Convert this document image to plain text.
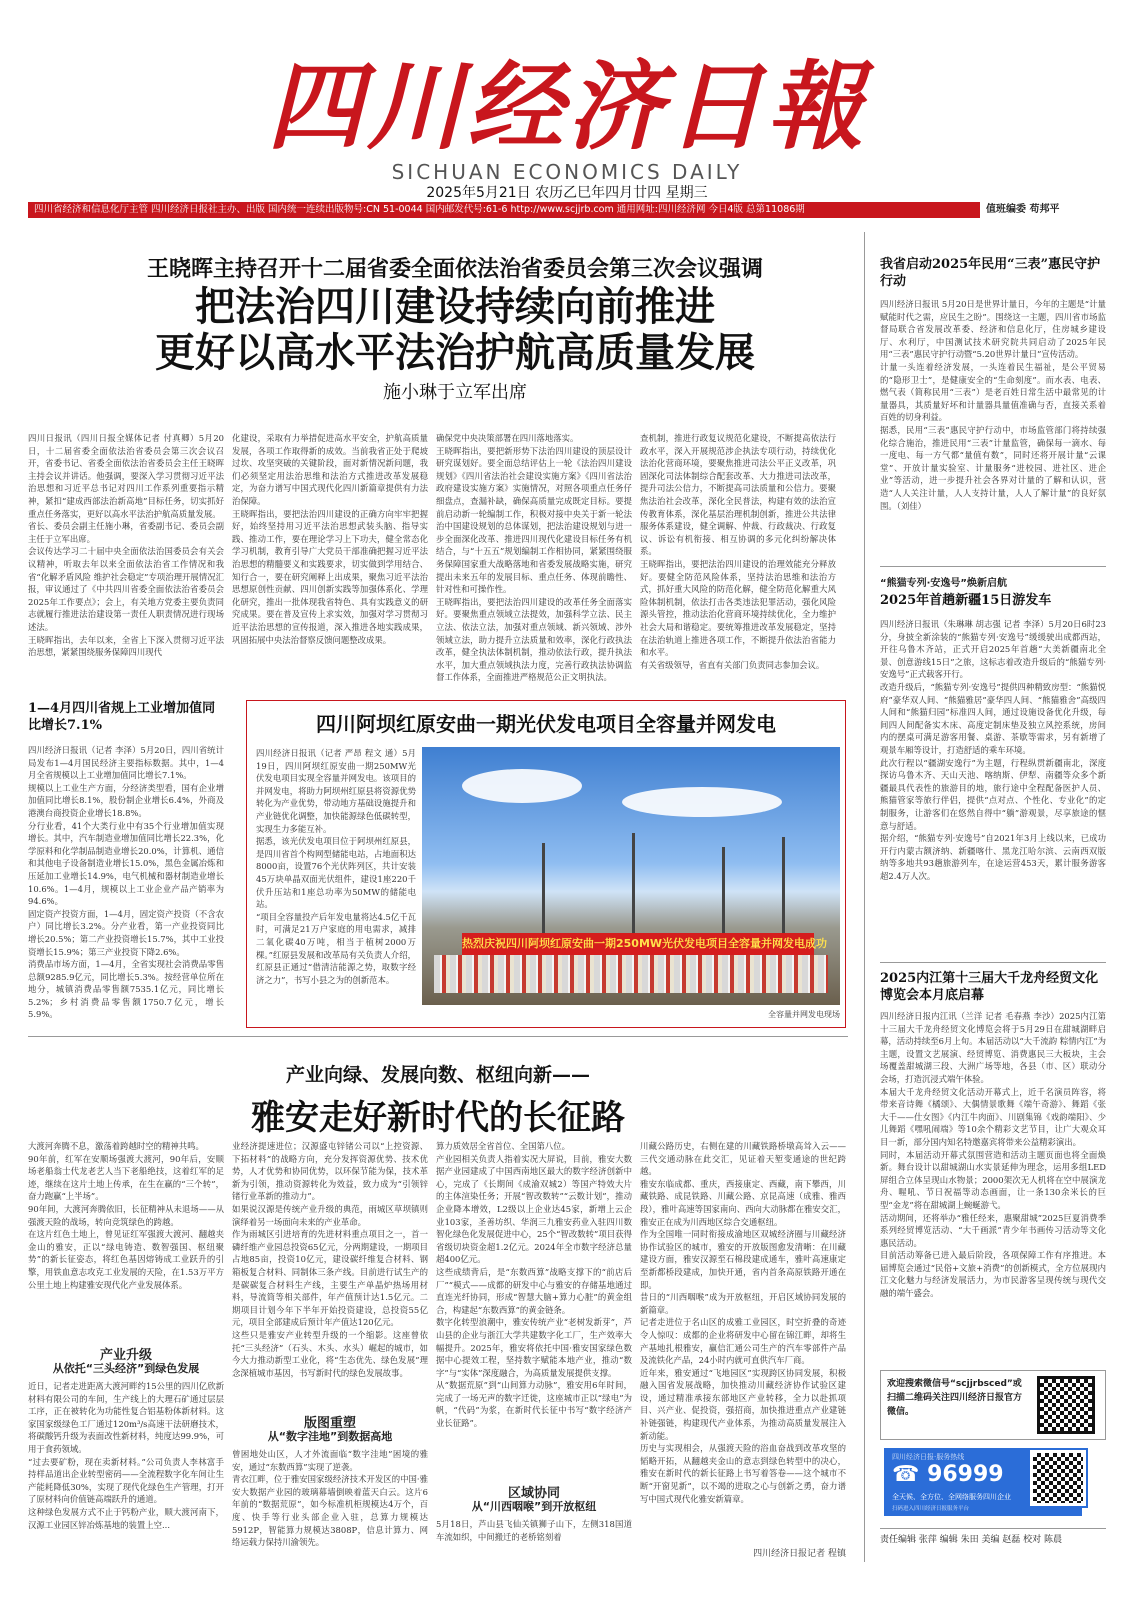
四川经济日報
SICHUAN ECONOMICS DAILY
2025年5月21日 农历乙巳年四月廿四 星期三
四川省经济和信息化厅主管 四川经济日报社主办、出版 国内统一连续出版物号:CN 51-0044 国内邮发代号:61-6 http://www.scjjrb.com 通用网址:四川经济网 今日4版 总第11086期	值班编委 苟邦平
王晓晖主持召开十二届省委全面依法治省委员会第三次会议强调
把法治四川建设持续向前推进
更好以高水平法治护航高质量发展
施小琳于立军出席
四川日报讯（四川日报全媒体记者 付真卿）5月20日，十二届省委全面依法治省委员会第三次会议召开，省委书记、省委全面依法治省委员会主任王晓晖主持会议并讲话。他强调，要深入学习贯彻习近平法治思想和习近平总书记对四川工作系列重要指示精神，紧扣“建成西部法治新高地”目标任务，切实抓好重点任务落实，更好以高水平法治护航高质量发展。
省长、委员会副主任施小琳，省委副书记、委员会副主任于立军出席。
会议传达学习二十届中央全面依法治国委员会有关会议精神，听取去年以来全面依法治省工作情况和我省“化解矛盾风险 维护社会稳定”专项治理开展情况汇报，审议通过了《中共四川省委全面依法治省委员会2025年工作要点》；会上，有关地方党委主要负责同志就履行推进法治建设第一责任人职责情况进行现场述法。
王晓晖指出，去年以来，全省上下深入贯彻习近平法治思想，紧紧围绕服务保障四川现代
化建设，采取有力举措促进高水平安全，护航高质量发展，各项工作取得新的成效。当前我省正处于爬坡过坎、攻坚突破的关键阶段，面对新情况新问题，我们必须坚定用法治思维和法治方式推进改革发展稳定，为奋力谱写中国式现代化四川新篇章提供有力法治保障。
王晓晖指出，要把法治四川建设的正确方向牢牢把握好，始终坚持用习近平法治思想武装头脑、指导实践、推动工作，要在理论学习上下功夫，健全常态化学习机制，教育引导广大党员干部准确把握习近平法治思想的精髓要义和实践要求，切实做到学用结合、知行合一，要在研究阐释上出成果，聚焦习近平法治思想原创性贡献、四川创新实践等加强体系化、学理化研究，推出一批体现我省特色、具有实践意义的研究成果。要在普及宣传上求实效，加强对学习贯彻习近平法治思想的宣传报道，深入推进各地实践成果，巩固拓展中央法治督察反馈问题整改成果。
确保党中央决策部署在四川落地落实。
王晓晖指出，要把新形势下法治四川建设的顶层设计研究谋划好。要全面总结评估上一轮《法治四川建设规划》《四川省法治社会建设实施方案》《四川省法治政府建设实施方案》实施情况，对照各项重点任务仔细盘点，查漏补缺，确保高质量完成既定目标。要提前启动新一轮编制工作，积极对接中央关于新一轮法治中国建设规划的总体谋划，把法治建设规划与进一步全面深化改革、推进四川现代化建设目标任务有机结合，与“十五五”规划编制工作相协同，紧紧围绕服务保障国家重大战略落地和省委发展战略实施，研究提出未来五年的发展目标、重点任务、体现前瞻性、针对性和可操作性。
王晓晖指出，要把法治四川建设的改革任务全面落实好。要聚焦重点领域立法提效，加强科学立法、民主立法、依法立法，加强对重点领域、新兴领域、涉外领域立法，助力提升立法质量和效率，深化行政执法改革，健全执法体制机制，推动依法行政，提升执法水平，加大重点领域执法力度，完善行政执法协调监督工作体系，全面推进严格规范公正文明执法。
查机制，推进行政复议规范化建设，不断提高依法行政水平，深入开展规范涉企执法专项行动，持续优化法治化营商环境，要聚焦推进司法公平正义改革，巩固深化司法体制综合配套改革、大力推进司法改革，提升司法公信力，不断提高司法质量和公信力。要聚焦法治社会改革，深化全民普法，构建有效的法治宣传教育体系，深化基层治理机制创新，推进公共法律服务体系建设，健全调解、仲裁、行政裁决、行政复议、诉讼有机衔接、相互协调的多元化纠纷解决体系。
王晓晖指出，要把法治四川建设的治理效能充分释放好。要健全防范风险体系，坚持法治思维和法治方式，抓好重大风险的防范化解，健全防范化解重大风险体制机制，依法打击各类违法犯罪活动，强化风险源头管控，推动法治化营商环境持续优化，全力维护社会大局和谐稳定。要统筹推进改革发展稳定，坚持在法治轨道上推进各项工作，不断提升依法治省能力和水平。
有关省级领导，省直有关部门负责同志参加会议。
我省启动2025年民用“三表”惠民守护行动
四川经济日报讯 5月20日是世界计量日，今年的主题是“计量赋能时代之需，应民生之盼”。围绕这一主题，四川省市场监督局联合省发展改革委、经济和信息化厅，住房城乡建设厅、水利厅，中国测试技术研究院共同启动了2025年民用“三表”惠民守护行动暨“5.20世界计量日”宣传活动。
计量一头连着经济发展，一头连着民生福祉，是公平贸易的“隐形卫士”，是健康安全的“生命刻度”。而水表、电表、燃气表（简称民用“三表”）是老百姓日常生活中最常见的计量器具，其质量好坏和计量器具量值准确与否，直接关系着百姓的切身利益。
据悉，民用“三表”惠民守护行动中，市场监管部门将持续强化综合施治，推进民用“三表”计量监管，确保每一滴水、每一度电、每一方气都“量值有数”，同时还将开展计量“云课堂”、开放计量实验室、计量服务“进校园、进社区、进企业”等活动，进一步提升社会各界对计量的了解和认识，营造“人人关注计量，人人支持计量，人人了解计量”的良好氛围。（刘佳）
“熊猫专列·安逸号”焕新启航
2025年首趟新疆15日游发车
四川经济日报讯（朱琳琳 胡志强 记者 李泽）5月20日6时23分，身披全新涂装的“熊猫专列·安逸号”缓缓驶出成都西站，开往乌鲁木齐站，正式开启2025年首趟“大美新疆南北全景、创意游线15日”之旅，这标志着改造升级后的“熊猫专列·安逸号”正式载客开行。
改造升级后，“熊猫专列·安逸号”提供四种精致房型：“熊猫悦府”豪华双人间、“熊猫雅居”豪华四人间、“熊猫雅舍”高级四人间和“熊猫归园”标准四人间，通过设施设备优化升级，每间四人间配备实木床、高度定制床垫及独立风控系统，房间内的摆桌可满足游客用餐、桌游、茶歇等需求，另有新增了观景车厢等设计，打造舒适的乘车环境。
此次行程以“疆湖安逸行”为主题，行程纵贯新疆南北，深度探访乌鲁木齐、天山天池、喀纳斯、伊犁、南疆等众多个新疆最具代表性的旅游目的地，旅行途中全程配备医护人员、熊猫管家等旅行伴侣，提供“点对点、个性化、专业化”的定制服务，让游客们在悠然自得中“躺”游观景，尽享旅途的惬意与舒适。
据介绍，“熊猫专列·安逸号”自2021年3月上线以来，已成功开行内蒙古额济纳、新疆喀什、黑龙江哈尔滨、云南西双版纳等多地共93趟旅游列车，在途运营453天，累计服务游客超2.4万人次。
2025内江第十三届大千龙舟经贸文化博览会本月底启幕
四川经济日报内江讯（兰洋 记者 毛春燕 李沙）2025内江第十三届大千龙舟经贸文化博览会将于5月29日在甜城湖畔启幕，活动持续至6月上旬。本届活动以“大千流韵 粽情内江”为主题，设置文艺展演、经贸博览、消费惠民三大板块，主会场覆盖甜城湖三段、大洲广场等地，各县（市、区）联动分会场，打造沉浸式端午体验。
本届大千龙舟经贸文化活动开幕式上，近千名演员阵容，将带来音诗舞《橘颂》、大偶情景歌舞《端午奇游》、舞蹈《张大千——仕女图》《内江牛肉面》、川剧集锦《戏韵端阳》、少儿舞蹈《嘿吼闹端》等10余个精彩文艺节目，让广大观众耳目一新，部分国内知名特邀嘉宾将带来公益精彩演出。
同时，本届活动开幕式氛围营造和活动主题页面也将全面焕新。舞台设计以甜城湖山水实景延伸为理念，运用多组LED屏组合立体呈现山水物景；2000架次无人机将在空中展演龙舟、喔吼、节日祝福等动态画面，让一条130余米长的巨型“金龙”将在甜城湖上蜿蜒游弋。
活动期间，还将举办“雅任经来，惠聚甜城”2025巨夏消费季系列经贸博览活动、“大千画派”青少年书画传习活动等文化惠民活动。
目前活动筹备已进入最后阶段，各项保障工作有序推进。本届博览会通过“民俗+文旅+消费”的创新模式，全方位展现内江文化魅力与经济发展活力，为市民游客呈现传统与现代交融的端午盛会。
欢迎搜索微信号“scjjrbsced”或扫描二维码关注四川经济日报官方微信。
四川经济日报·服务热线
☎ 96999
全天候、全方位、全网络服务四川企业
扫码进入四川经济日报服务平台
责任编辑 张萍 编辑 朱田 美编 赵磊 校对 陈晨
1—4月四川省规上工业增加值同比增长7.1%
四川经济日报讯（记者 李泽）5月20日，四川省统计局发布1—4月国民经济主要指标数据。其中，1—4月全省规模以上工业增加值同比增长7.1%。
规模以上工业生产方面，分经济类型看，国有企业增加值同比增长8.1%，股份制企业增长6.4%，外商及港澳台商投资企业增长18.8%。
分行业看，41个大类行业中有35个行业增加值实现增长。其中，汽车制造业增加值同比增长22.3%，化学原料和化学制品制造业增长20.0%，计算机、通信和其他电子设备制造业增长15.0%，黑色金属冶炼和压延加工业增长14.9%，电气机械和器材制造业增长10.6%。1—4月，规模以上工业企业产品产销率为94.6%。
固定资产投资方面，1—4月，固定资产投资（不含农户）同比增长3.2%。分产业看，第一产业投资同比增长20.5%；第二产业投资增长15.7%，其中工业投资增长15.9%；第三产业投资下降2.6%。
消费品市场方面，1—4月，全省实现社会消费品零售总额9285.9亿元，同比增长5.3%。按经营单位所在地分，城镇消费品零售额7535.1亿元，同比增长5.2%；乡村消费品零售额1750.7亿元，增长5.9%。
四川阿坝红原安曲一期光伏发电项目全容量并网发电
四川经济日报讯（记者 严昂 程文 通）5月19日，四川阿坝红原安曲一期250MW光伏发电项目实现全容量并网发电。该项目的并网发电，将助力阿坝州红原县将资源优势转化为产业优势，带动地方基础设施提升和产业链优化调整，加快能源绿色低碳转型，实现生力多能互补。
据悉，该光伏发电项目位于阿坝州红原县，是四川省首个构网型储能电站，占地面积达8000亩，设置76个光伏阵列区，共计安装45万块单晶双面光伏组件，建设1座220千伏升压站和1座总功率为50MW的储能电站。
“项目全容量投产后年发电量将达4.5亿千瓦时，可满足21万户家庭的用电需求，减排二氧化碳40万吨，相当于植树2000万棵。”红原县发展和改革局有关负责人介绍，红原县正通过“借清洁能源之势，取数字经济之力”，书写小县之为的创新范本。
热烈庆祝四川阿坝红原安曲一期250MW光伏发电项目全容量并网发电成功
全容量并网发电现场
产业向绿、发展向数、枢纽向新——
雅安走好新时代的长征路
大渡河奔腾不息，激荡着跨越时空的精神共鸣。
90年前，红军在安顺场强渡大渡河，90年后，安顺场老船翁士代龙老艺人当下老船绝技，这着红军的足迹，继续在这片土地上传承，在生在赢的“三个转”，奋力跑赢“上半场”。
90年间，大渡河奔腾依旧，长征精神从未退场——从强渡天险的战场，转向竞筑绿色的跨越。
在这片红色土地上，曾见证红军强渡大渡河、翻越夹金山的雅安，正以“绿电铸造、数智强国、枢纽聚势”的新长征姿态，将红色基因熔铸成工业跃升的引擎，用铁血意志攻克工业发展的天险，在1.53万平方公里土地上构建雅安现代化产业发展体系。
产业升级
从依托“三头经济”到绿色发展
近日，记者走进距离大渡河畔约15公里的四川亿欣新材料有限公司的车间，生产线上的大理石矿通过层层工序，正在被转化为功能性复合铝基粉体新材料。这家国家级绿色工厂通过120m³/s高速干法研磨技术，将碳酸钙升级为表面改性新材料，纯度达99.9%，可用于食药领域。
“过去要矿粉，现在卖新材料。”公司负责人李林富手持样品道出企业转型密码——全流程数字化车间让生产能耗降低30%，实现了现代化绿色生产管理，打开了原材料向价值链高端跃升的通道。
这种绿色发展方式不止于钙粉产业，顺大渡河南下，汉源工业园区锌冶炼基地的装置上空...
业经济提速进位；汉源盛屯锌锗公司以“上控资源、下拓材料”的战略方向，充分发挥资源优势、技术优势，人才优势和协同优势，以环保节能为保，技术革新为引领，推动资源转化为效益，致力成为“引领锌锗行业革新的推动力”。
如果说汉源是传统产业升级的典范，雨城区草坝镇则演绎着另一场面向未来的产业革命。
作为雨城区引进培育的先进材料重点项目之一，首一磷纤维产业园总投资65亿元，分两期建设，一期项目占地85亩，投资10亿元，建设碳纤维复合材料、钢箱板复合材料、同制体三条产线。目前进行试生产的是碳碳复合材料生产线，主要生产单晶炉热场用材料，导流筒等相关部件，年产值预计达1.5亿元。二期项目计划今年下半年开始投资建设，总投资55亿元，项目全部建成后预计年产值达120亿元。
这些只是雅安产业转型升级的一个缩影。这座曾依托“三头经济”（石头、木头、水头）崛起的城市，如今大力推动新型工业化，将“生态优先、绿色发展”理念深植城市基因，书写新时代的绿色发展故事。
版图重塑
从“数字洼地”到数据高地
曾困地处山区，人才外流面临“数字洼地”困境的雅安，通过“东数西算”实现了逆袭。
青衣江畔，位于雅安国家级经济技术开发区的中国·雅安大数据产业园的玻璃幕墙倒映着蓝天白云。这片6年前的“数据荒原”，如今标准机柜规模达4万个，百度、快手等行业头部企业入驻，总算力规模达5912P，智能算力规模达3808P，信息计算力、网络运载力保持川渝领先。
算力质效居全省首位、全国第八位。
产业园相关负责人指着实况大屏说，目前，雅安大数据产业园建成了中国西南地区最大的数字经济创新中心，完成了《长期间《成渝双城2）等国产特效大片的主体渲染任务；开展“智改数转”“云数计划”，推动企业降本增效，L2级以上企业达45家，新增上云企业103家，圣善坊织、华润三九雅安药业入驻四川数智化绿色化发展促进中心，25个“智改数转”项目获得省级切块资金超1.2亿元。2024年全市数字经济总量超400亿元。
这些成绩背后，是“东数西算”战略支撑下的“前店后厂”“模式——成都的研发中心与雅安的存储基地通过直连光纤协同，形成“智慧大脑+算力心脏”的黄金组合，构建起“东数西算”的黄金链条。
数字化转型浪潮中，雅安传统产业“老树发新芽”，芦山县的企业与浙江大学共建数字化工厂，生产效率大幅提升。2025年，雅安将依托中国·雅安国家绿色数据中心提效工程，坚持数字赋能本地产业，推动“数字”与“实体”深度融合，为高质量发展提供支撑。
从“数据荒原”到“山间算力动脉”，雅安用6年时间，完成了一场无声的数字迁徙，这座城市正以“绿电”为帆，“代码”为浆，在新时代长征中书写“数字经济产业长征路”。
区域协同
从“川西咽喉”到开放枢纽
5月18日，芦山县飞仙关镇狮子山下，左侧318国道车流如织，中间搬迁的老桥铭刻着
川藏公路历史，右侧在建的川藏铁路桥墩高耸入云——三代交通动脉在此交汇，见证着天堑变通途的世纪跨越。
雅安东临成都、重庆，西接康定、西藏，南下攀西，川藏铁路、成昆铁路、川藏公路、京昆高速（成雅、雅西段），雅叶高速等国家南向、西向大动脉都在雅安交汇，雅安正在成为川西地区综合交通枢纽。
作为全国唯一同时衔接成渝地区双城经济圈与川藏经济协作试验区的城市，雅安的开放版图愈发清晰：在川藏建设方面，雅安汉源至石棉段建成通车，雅叶高速康定至新都桥段建成，加快开通，省内首条高原铁路开通在即。
昔日的“川西咽喉”成为开放枢纽，开启区域协同发展的新篇章。
记者走进位于名山区的成雅工业园区，时空折叠的奇迹令人惊叹：成都的企业将研发中心留在锦江畔，却将生产基地扎根雅安，赢信汇通公司生产的汽车零部件产品及流铁化产品，24小时内就可直供汽车厂商。
近年来，雅安通过“飞地园区”实现跨区协同发展，积极融入国省发展战略，加快推动川藏经济协作试验区建设，通过精准承接东部地区产业转移，全力以赴抓项目、兴产业、促投资，强招商，加快推进重点产业建链补链强链，构建现代产业体系，为推动高质量发展注入新动能。
历史与实现相会，从强渡天险的浴血奋战到改革攻坚的韬略开拓，从翻越夹金山的意志到绿色转型中的决心，雅安在新时代的新长征路上书写着答卷——这个城市不断“开窗见新”，以不竭的进取之心与创新之勇，奋力谱写中国式现代化雅安新篇章。
四川经济日报记者 程镇
